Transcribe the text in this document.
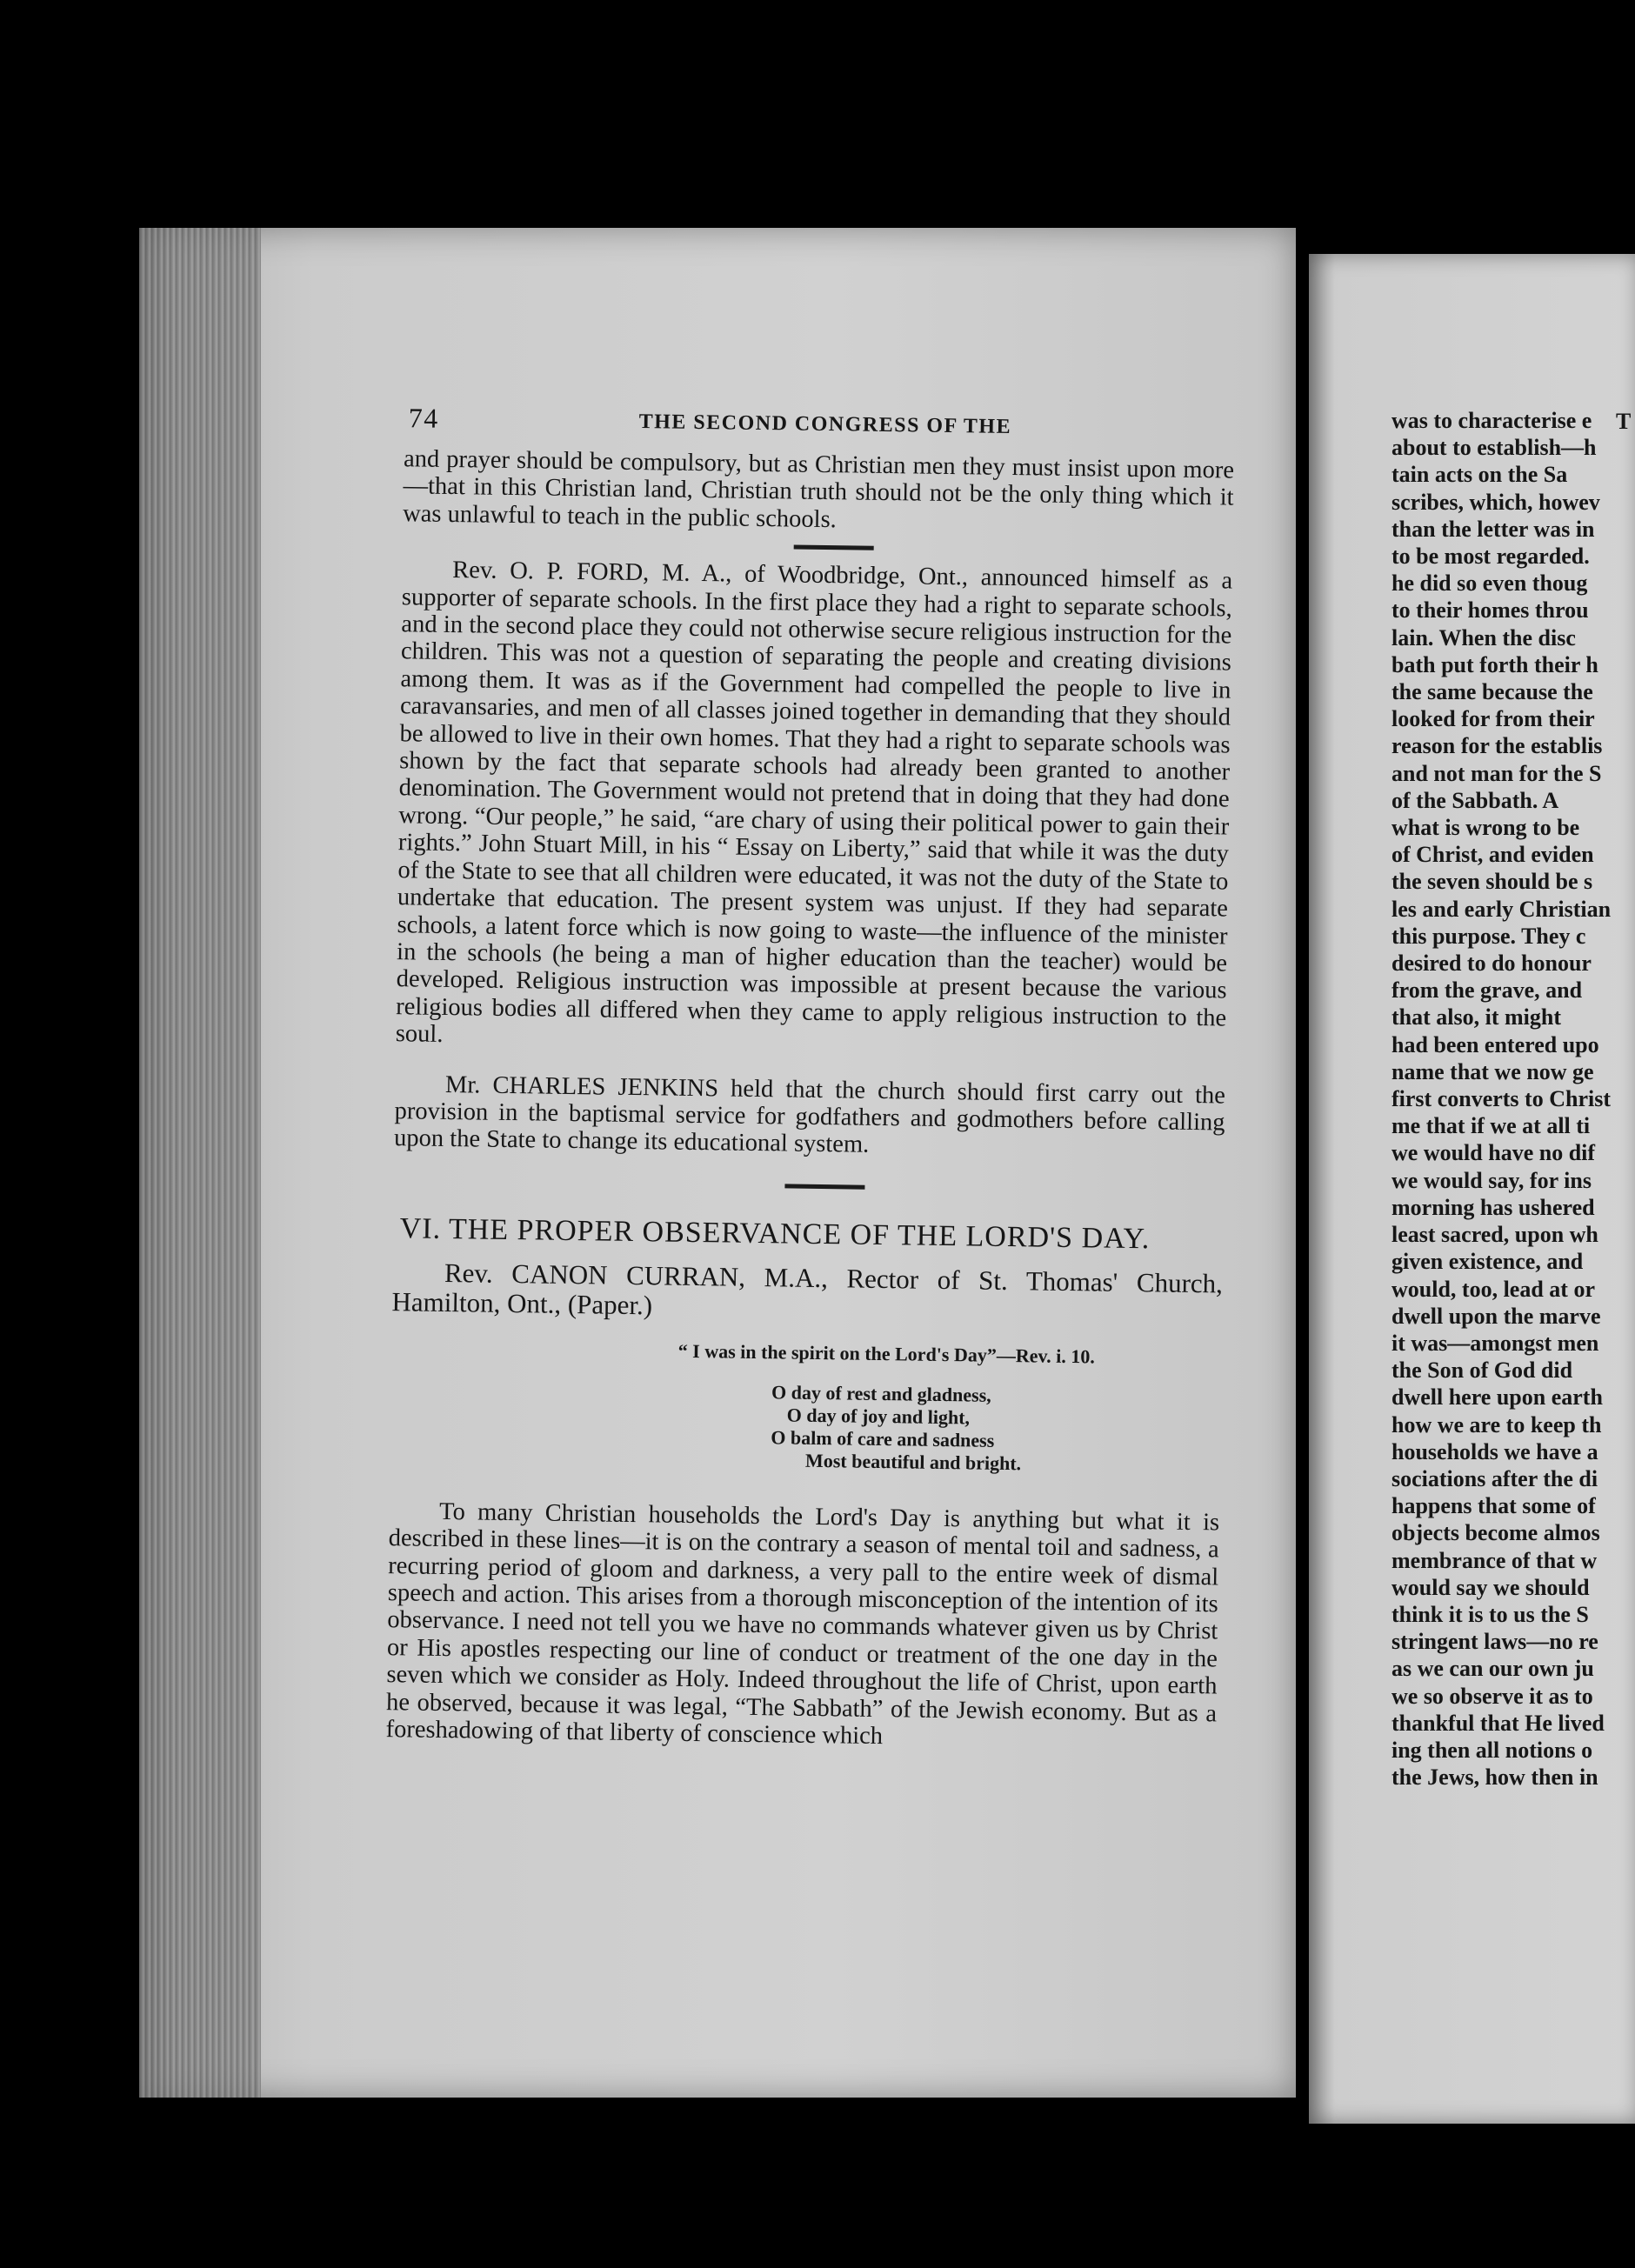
74	THE SECOND CONGRESS OF THE

and prayer should be compulsory, but as Christian men they must insist upon more—that in this Christian land, Christian truth should not be the only thing which it was unlawful to teach in the public schools.

Rev. O. P. FORD, M. A., of Woodbridge, Ont., announced himself as a supporter of separate schools. In the first place they had a right to separate schools, and in the second place they could not otherwise secure religious instruction for the children. This was not a question of separating the people and creating divisions among them. It was as if the Government had compelled the people to live in caravansaries, and men of all classes joined together in demanding that they should be allowed to live in their own homes. That they had a right to separate schools was shown by the fact that separate schools had already been granted to another denomination. The Government would not pretend that in doing that they had done wrong. “Our people,” he said, “are chary of using their political power to gain their rights.” John Stuart Mill, in his “ Essay on Liberty,” said that while it was the duty of the State to see that all children were educated, it was not the duty of the State to undertake that education. The present system was unjust. If they had separate schools, a latent force which is now going to waste—the influence of the minister in the schools (he being a man of higher education than the teacher) would be developed. Religious instruction was impossible at present because the various religious bodies all differed when they came to apply religious instruction to the soul.

Mr. CHARLES JENKINS held that the church should first carry out the provision in the baptismal service for godfathers and godmothers before calling upon the State to change its educational system.

VI. THE PROPER OBSERVANCE OF THE LORD'S DAY.

Rev. CANON CURRAN, M.A., Rector of St. Thomas' Church, Hamilton, Ont., (Paper.)

“ I was in the spirit on the Lord's Day”—Rev. i. 10.
O day of rest and gladness,
O day of joy and light,
O balm of care and sadness
Most beautiful and bright.

To many Christian households the Lord's Day is anything but what it is described in these lines—it is on the contrary a season of mental toil and sadness, a recurring period of gloom and darkness, a very pall to the entire week of dismal speech and action. This arises from a thorough misconception of the intention of its observance. I need not tell you we have no commands whatever given us by Christ or His apostles respecting our line of conduct or treatment of the one day in the seven which we consider as Holy. Indeed throughout the life of Christ, upon earth he observed, because it was legal, “The Sabbath” of the Jewish economy. But as a foreshadowing of that liberty of conscience which

T
was to characterise e
about to establish—h
tain acts on the Sa
scribes, which, howev
than the letter was in
to be most regarded.
he did so even thoug
to their homes throu
lain. When the disc
bath put forth their h
the same because the
looked for from their
reason for the establis
and not man for the S
of the Sabbath. A
what is wrong to be
of Christ, and eviden
the seven should be s
les and early Christian
this purpose. They c
desired to do honour
from the grave, and
that also, it might
had been entered upo
name that we now ge
first converts to Christ
me that if we at all ti
we would have no dif
we would say, for ins
morning has ushered
least sacred, upon wh
given existence, and
would, too, lead at or
dwell upon the marve
it was—amongst men
the Son of God did
dwell here upon earth
how we are to keep th
households we have a
sociations after the di
happens that some of
objects become almos
membrance of that w
would say we should
think it is to us the S
stringent laws—no re
as we can our own ju
we so observe it as to
thankful that He lived
ing then all notions o
the Jews, how then in
